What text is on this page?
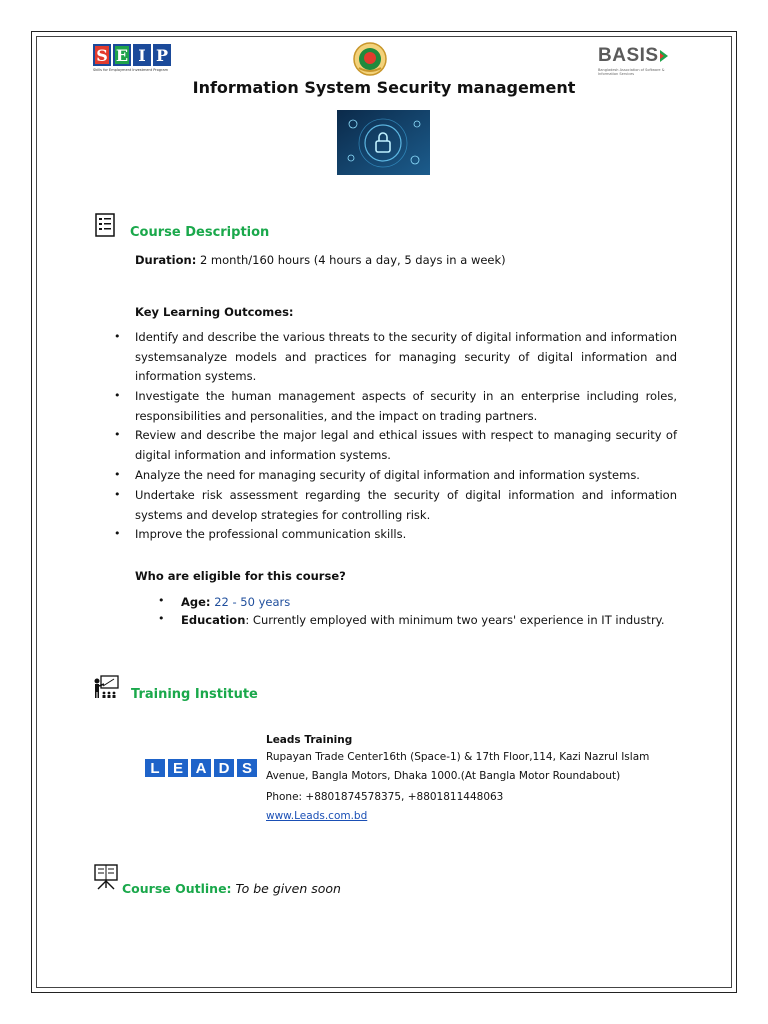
S E I P
Skills for Employment Investment Program
BASIS
Bangladesh Association of Software & Information Services
Information System Security management
Course Description
Duration: 2 month/160 hours (4 hours a day, 5 days in a week)
Key Learning Outcomes:
• Identify and describe the various threats to the security of digital information and information systemsanalyze models and practices for managing security of digital information and information systems.
• Investigate the human management aspects of security in an enterprise including roles, responsibilities and personalities, and the impact on trading partners.
• Review and describe the major legal and ethical issues with respect to managing security of digital information and information systems.
• Analyze the need for managing security of digital information and information systems.
• Undertake risk assessment regarding the security of digital information and information systems and develop strategies for controlling risk.
• Improve the professional communication skills.
Who are eligible for this course?
• Age: 22 - 50 years
• Education: Currently employed with minimum two years' experience in IT industry.
Training Institute
L E A D S
Leads Training
Rupayan Trade Center16th (Space-1) & 17th Floor,114, Kazi Nazrul Islam
Avenue, Bangla Motors, Dhaka 1000.(At Bangla Motor Roundabout)
Phone: +8801874578375, +8801811448063
www.Leads.com.bd
Course Outline: To be given soon
